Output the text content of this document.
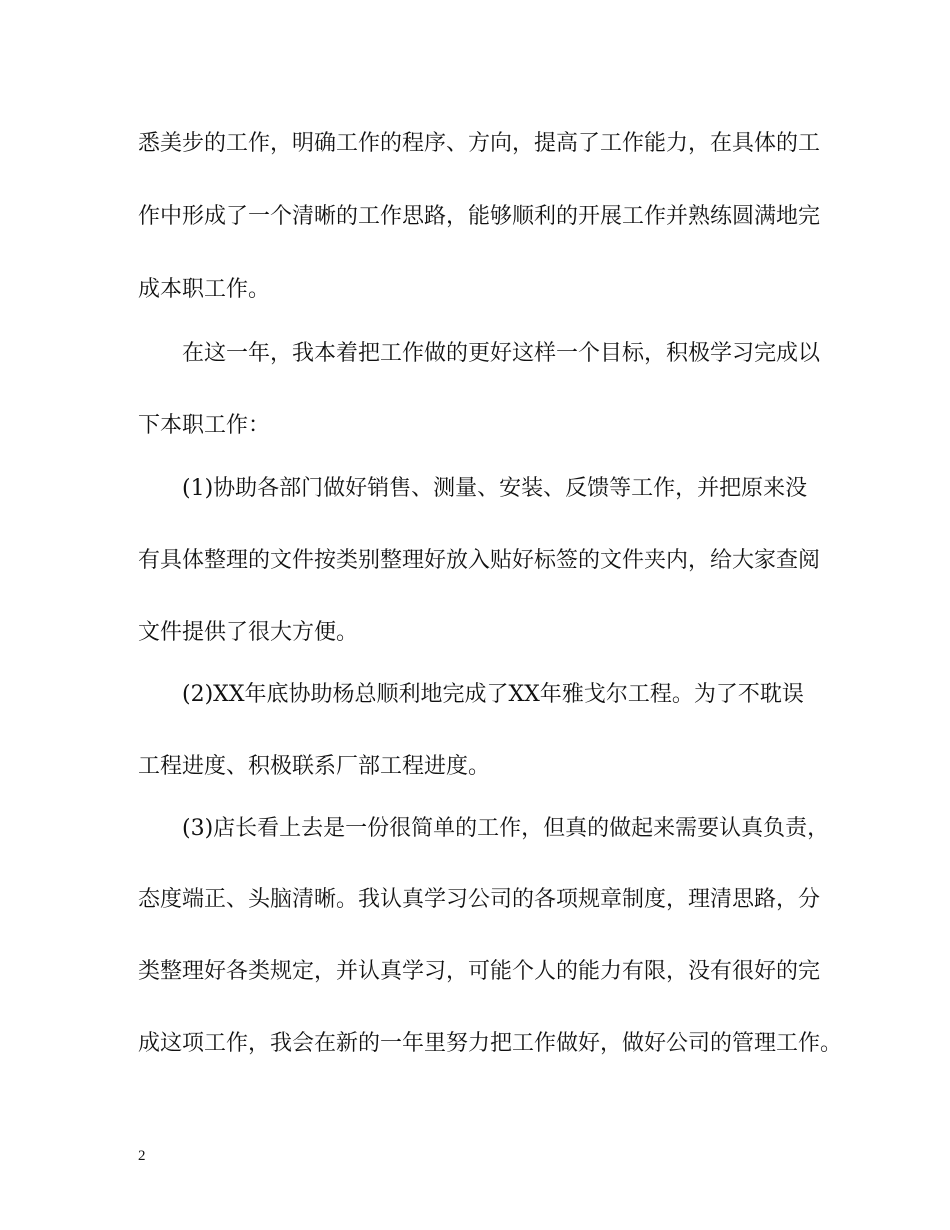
悉美步的工作，明确工作的程序、方向，提高了工作能力，在具体的工
作中形成了一个清晰的工作思路，能够顺利的开展工作并熟练圆满地完
成本职工作。
在这一年，我本着把工作做的更好这样一个目标，积极学习完成以
下本职工作：
(1)协助各部门做好销售、测量、安装、反馈等工作，并把原来没
有具体整理的文件按类别整理好放入贴好标签的文件夹内，给大家查阅
文件提供了很大方便。
(2)XX年底协助杨总顺利地完成了XX年雅戈尔工程。为了不耽误
工程进度、积极联系厂部工程进度。
(3)店长看上去是一份很简单的工作，但真的做起来需要认真负责，
态度端正、头脑清晰。我认真学习公司的各项规章制度，理清思路，分
类整理好各类规定，并认真学习，可能个人的能力有限，没有很好的完
成这项工作，我会在新的一年里努力把工作做好，做好公司的管理工作。
2
